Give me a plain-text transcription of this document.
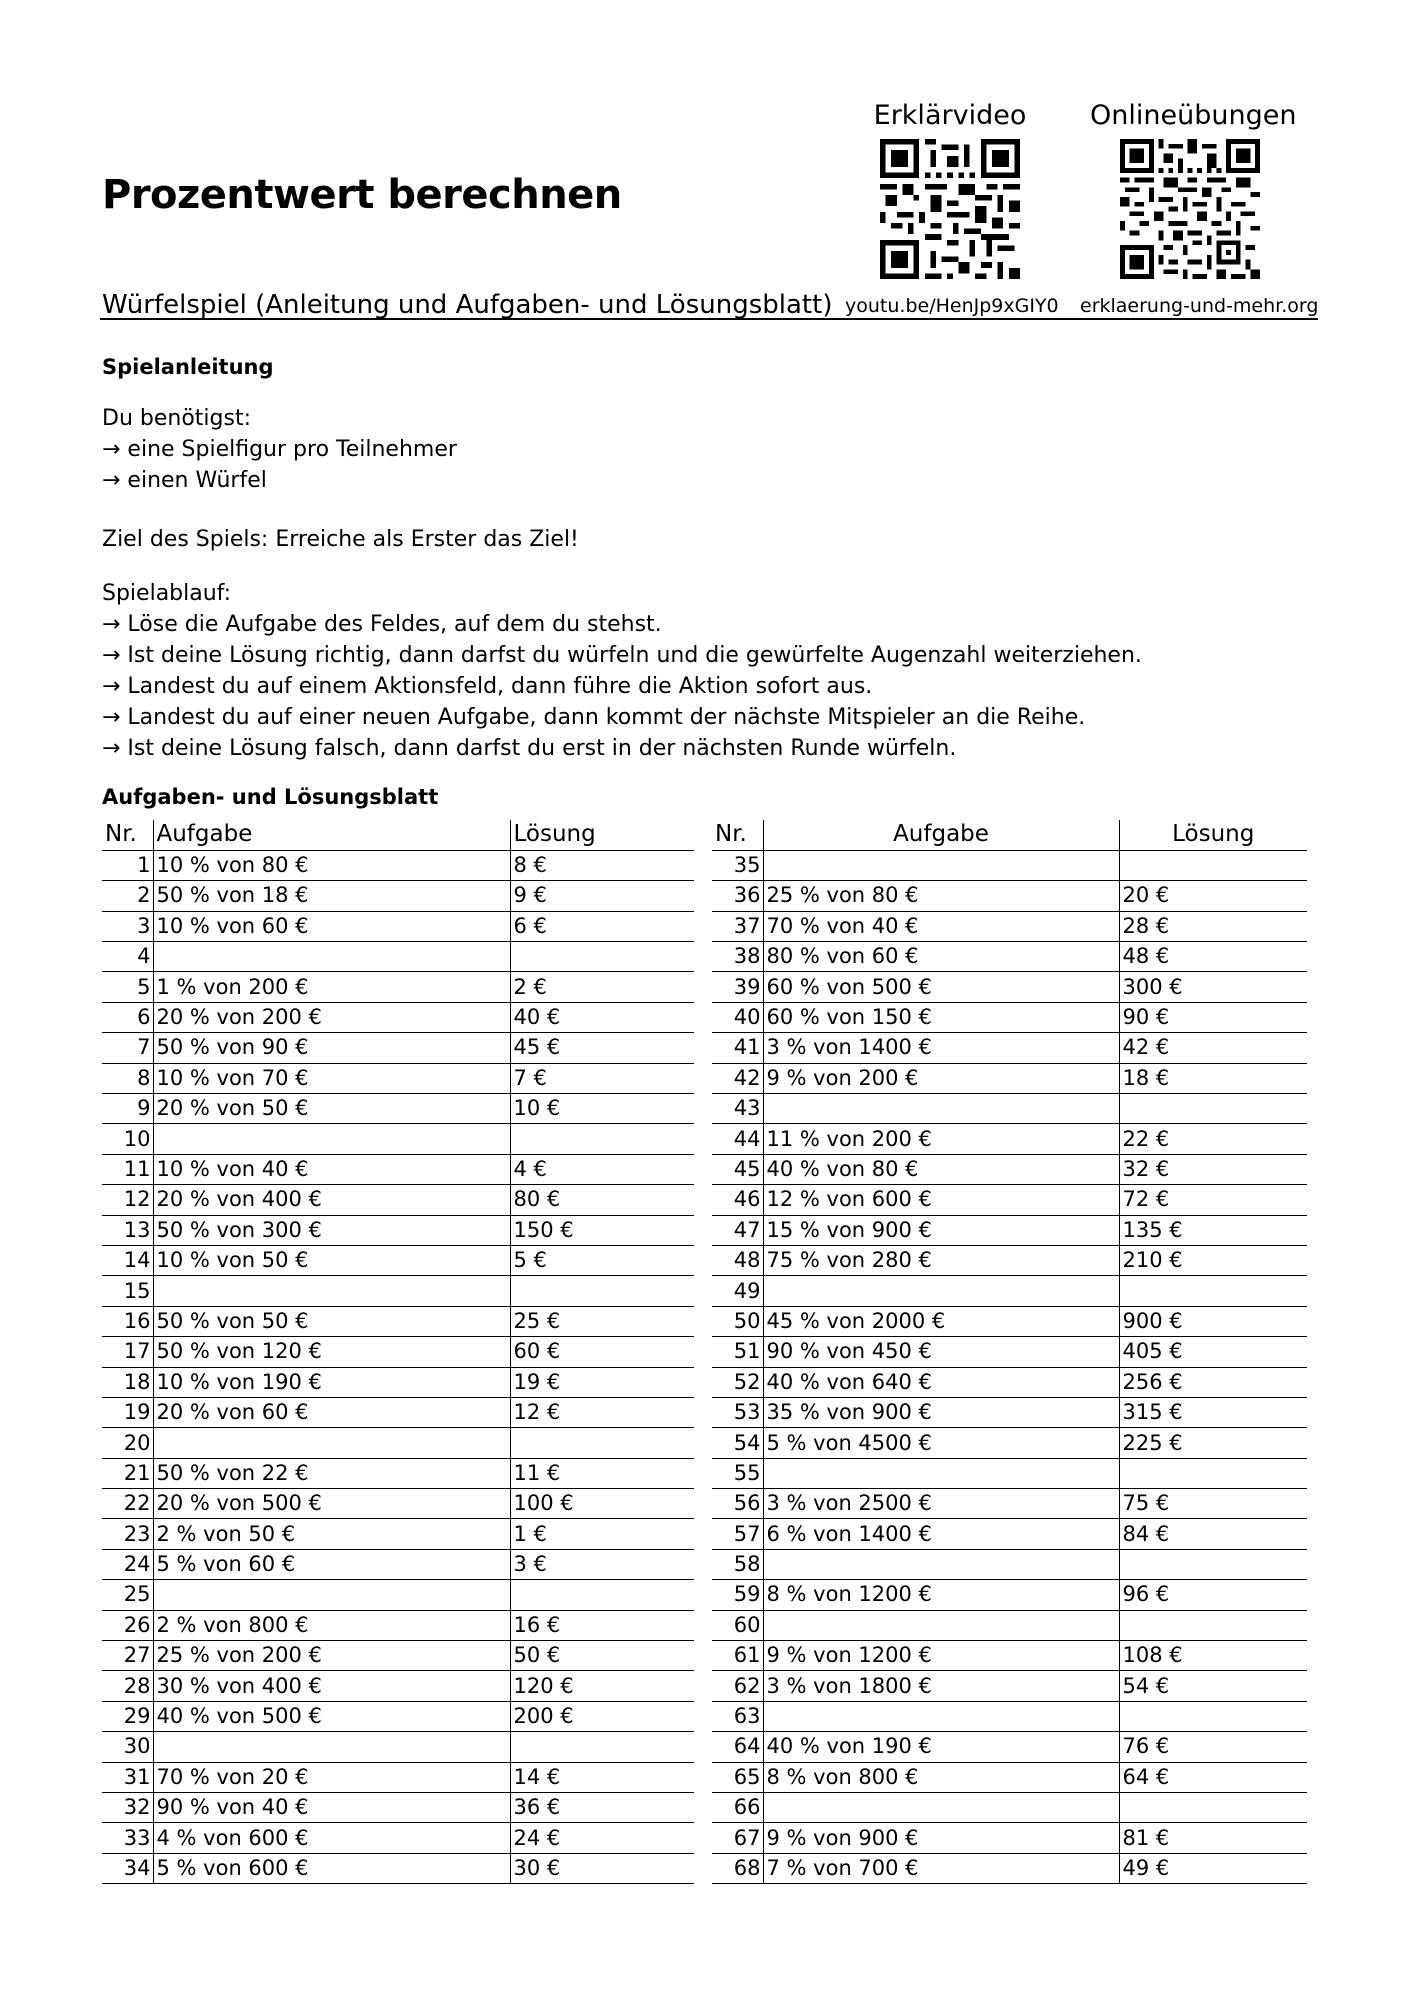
Prozentwert berechnen
Erklärvideo	Onlineübungen
Würfelspiel (Anleitung und Aufgaben- und Lösungsblatt) youtu.be/HenJp9xGIY0 erklaerung-und-mehr.org
Spielanleitung
Du benötigst:
→ eine Spielfigur pro Teilnehmer
→ einen Würfel
Ziel des Spiels: Erreiche als Erster das Ziel!
Spielablauf:
→ Löse die Aufgabe des Feldes, auf dem du stehst.
→ Ist deine Lösung richtig, dann darfst du würfeln und die gewürfelte Augenzahl weiterziehen.
→ Landest du auf einem Aktionsfeld, dann führe die Aktion sofort aus.
→ Landest du auf einer neuen Aufgabe, dann kommt der nächste Mitspieler an die Reihe.
→ Ist deine Lösung falsch, dann darfst du erst in der nächsten Runde würfeln.
Aufgaben- und Lösungsblatt
Nr.	Aufgabe	Lösung
1	10 % von 80 €	8 €
2	50 % von 18 €	9 €
3	10 % von 60 €	6 €
4		
5	1 % von 200 €	2 €
6	20 % von 200 €	40 €
7	50 % von 90 €	45 €
8	10 % von 70 €	7 €
9	20 % von 50 €	10 €
10		
11	10 % von 40 €	4 €
12	20 % von 400 €	80 €
13	50 % von 300 €	150 €
14	10 % von 50 €	5 €
15		
16	50 % von 50 €	25 €
17	50 % von 120 €	60 €
18	10 % von 190 €	19 €
19	20 % von 60 €	12 €
20		
21	50 % von 22 €	11 €
22	20 % von 500 €	100 €
23	2 % von 50 €	1 €
24	5 % von 60 €	3 €
25		
26	2 % von 800 €	16 €
27	25 % von 200 €	50 €
28	30 % von 400 €	120 €
29	40 % von 500 €	200 €
30		
31	70 % von 20 €	14 €
32	90 % von 40 €	36 €
33	4 % von 600 €	24 €
34	5 % von 600 €	30 €
Nr.	Aufgabe	Lösung
35		
36	25 % von 80 €	20 €
37	70 % von 40 €	28 €
38	80 % von 60 €	48 €
39	60 % von 500 €	300 €
40	60 % von 150 €	90 €
41	3 % von 1400 €	42 €
42	9 % von 200 €	18 €
43		
44	11 % von 200 €	22 €
45	40 % von 80 €	32 €
46	12 % von 600 €	72 €
47	15 % von 900 €	135 €
48	75 % von 280 €	210 €
49		
50	45 % von 2000 €	900 €
51	90 % von 450 €	405 €
52	40 % von 640 €	256 €
53	35 % von 900 €	315 €
54	5 % von 4500 €	225 €
55		
56	3 % von 2500 €	75 €
57	6 % von 1400 €	84 €
58		
59	8 % von 1200 €	96 €
60		
61	9 % von 1200 €	108 €
62	3 % von 1800 €	54 €
63		
64	40 % von 190 €	76 €
65	8 % von 800 €	64 €
66		
67	9 % von 900 €	81 €
68	7 % von 700 €	49 €
